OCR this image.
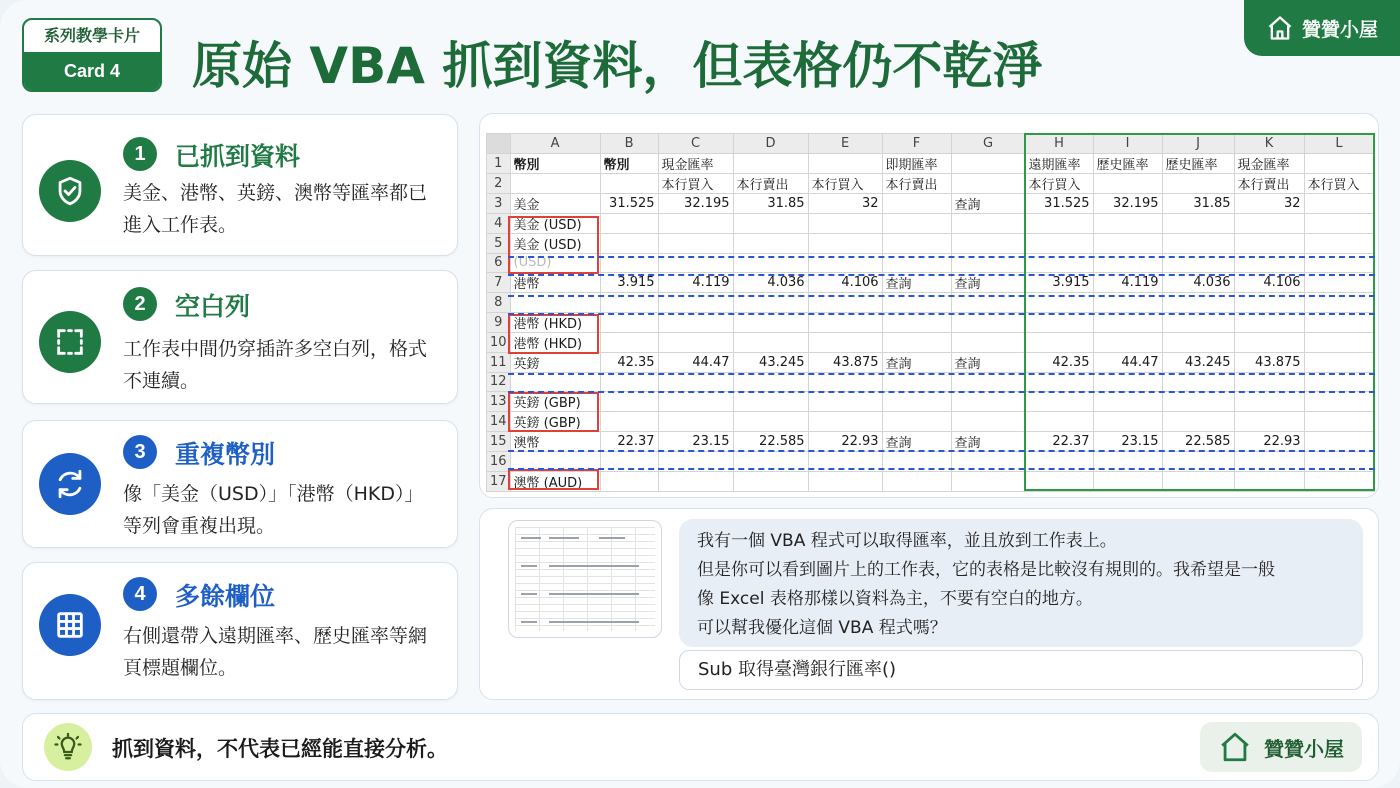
系列教學卡片
Card 4	原始 VBA 抓到資料，但表格仍不乾淨
贊贊小屋
1	已抓到資料
美金、港幣、英鎊、澳幣等匯率都已進入工作表。
2	空白列
工作表中間仍穿插許多空白列，格式不連續。
3	重複幣別
像「美金（USD）」「港幣（HKD）」等列會重複出現。
4	多餘欄位
右側還帶入遠期匯率、歷史匯率等網頁標題欄位。
	A	B	C	D	E	F	G	H	I	J	K	L
1	幣別	幣別	現金匯率			即期匯率		遠期匯率	歷史匯率	歷史匯率	現金匯率	
2			本行買入	本行賣出	本行買入	本行賣出		本行買入			本行賣出	本行買入
3	美金	31.525	32.195	31.85	32		查詢	31.525	32.195	31.85	32	
4	美金 (USD)											
5	美金 (USD)											
6	(USD)											
7	港幣	3.915	4.119	4.036	4.106	查詢	查詢	3.915	4.119	4.036	4.106	
8												
9	港幣 (HKD)											
10	港幣 (HKD)											
11	英鎊	42.35	44.47	43.245	43.875	查詢	查詢	42.35	44.47	43.245	43.875	
12												
13	英鎊 (GBP)											
14	英鎊 (GBP)											
15	澳幣	22.37	23.15	22.585	22.93	查詢	查詢	22.37	23.15	22.585	22.93	
16												
17	澳幣 (AUD)											
我有一個 VBA 程式可以取得匯率，並且放到工作表上。
但是你可以看到圖片上的工作表，它的表格是比較沒有規則的。我希望是一般
像 Excel 表格那樣以資料為主，不要有空白的地方。
可以幫我優化這個 VBA 程式嗎？
Sub 取得臺灣銀行匯率()
抓到資料，不代表已經能直接分析。	贊贊小屋
